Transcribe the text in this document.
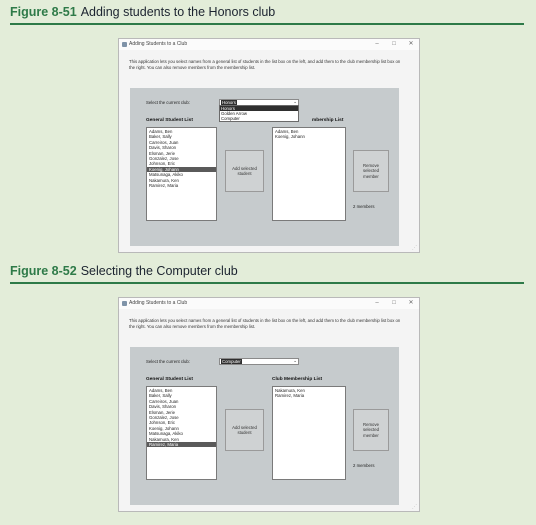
Figure 8-51 Adding students to the Honors club
Adding Students to a Club	–	□	✕
This application lets you select names from a general list of students in the list box on the left, and add them to the club membership list box on the right. You can also remove members from the membership list.
Select the current club:	Honors	⌄
General Student List	mbership List
Adams, Ben
Baker, Sally
Carreiros, Juan
Davis, Sharon
Elsman, Jerie
Gonzalez, Jose
Johnson, Eric
Koenig, Johann
Matsunaga, Akiko
Nakamura, Ken
Ramirez, Maria
Add selected student
Adams, Ben
Koenig, Johann
Remove selected member
2 members
Honors
Golden Arrow
Computer
⋰
Figure 8-52 Selecting the Computer club
Adding Students to a Club	–	□	✕
This application lets you select names from a general list of students in the list box on the left, and add them to the club membership list box on the right. You can also remove members from the membership list.
Select the current club:	Computer	⌄
General Student List	Club Membership List
Adams, Ben
Baker, Sally
Carreiros, Juan
Davis, Sharon
Elsman, Jerie
Gonzalez, Jose
Johnson, Eric
Koenig, Johann
Matsunaga, Akiko
Nakamura, Ken
Ramirez, Maria
Add selected student
Nakamura, Ken
Ramirez, Maria
Remove selected member
2 members
⋰
